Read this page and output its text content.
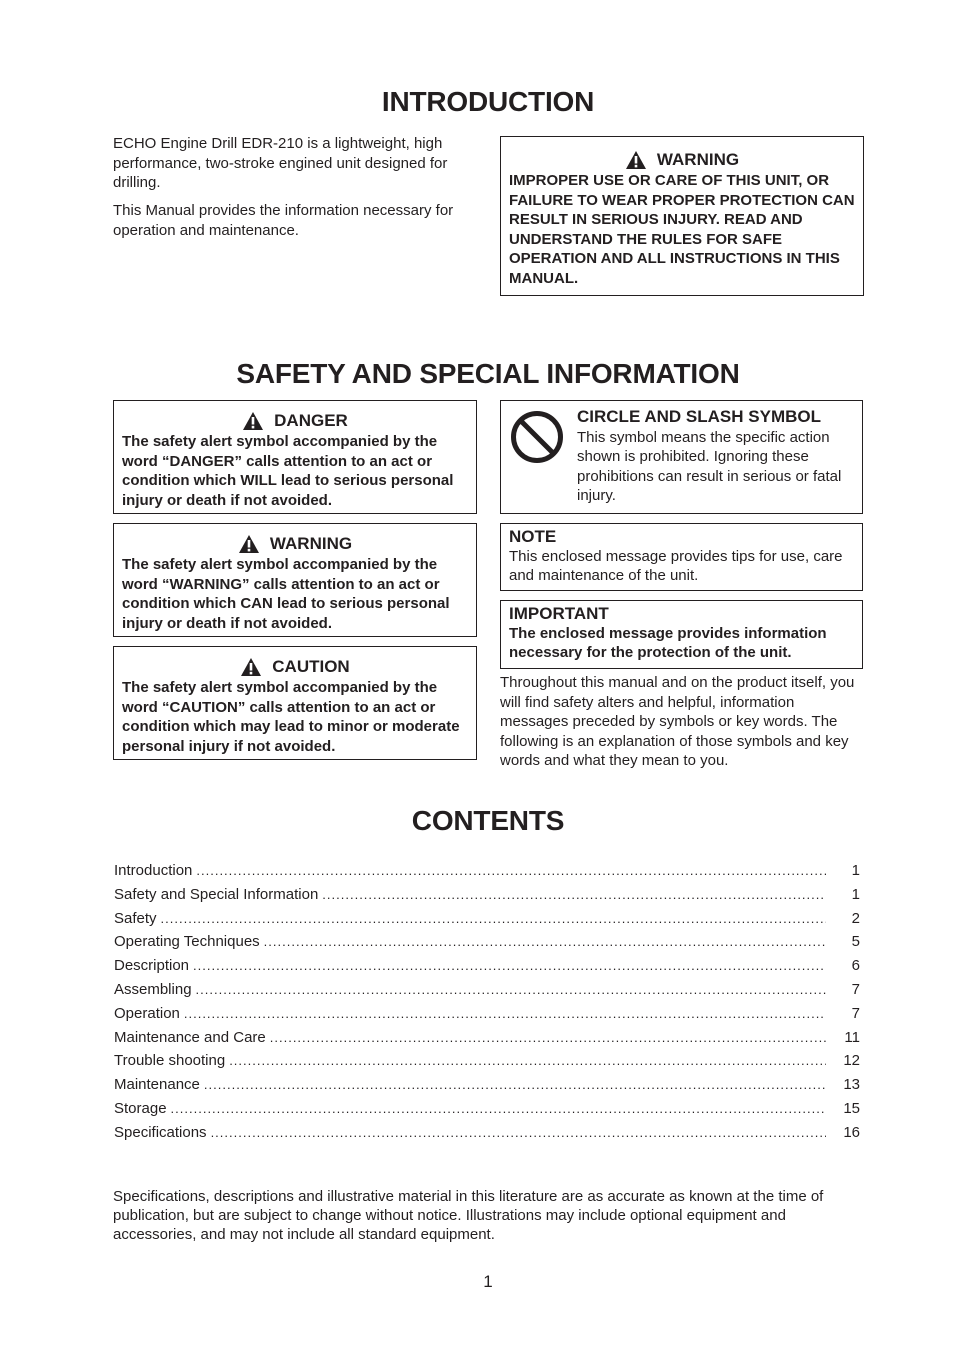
INTRODUCTION

ECHO Engine Drill EDR-210 is a lightweight, high performance, two-stroke engined unit designed for drilling.

This Manual provides the information necessary for operation and maintenance.

WARNING
IMPROPER USE OR CARE OF THIS UNIT, OR FAILURE TO WEAR PROPER PROTECTION CAN RESULT IN SERIOUS INJURY. READ AND UNDERSTAND THE RULES FOR SAFE OPERATION AND ALL INSTRUCTIONS IN THIS MANUAL.
SAFETY AND SPECIAL INFORMATION
DANGER
The safety alert symbol accompanied by the word “DANGER” calls attention to an act or condition which WILL lead to serious personal injury or death if not avoided.
WARNING
The safety alert symbol accompanied by the word “WARNING” calls attention to an act or condition which CAN lead to serious personal injury or death if not avoided.
CAUTION
The safety alert symbol accompanied by the word “CAUTION” calls attention to an act or condition which may lead to minor or moderate personal injury if not avoided.
CIRCLE AND SLASH SYMBOL
This symbol means the specific action shown is prohibited. Ignoring these prohibitions can result in serious or fatal injury.
NOTE
This enclosed message provides tips for use, care and maintenance of the unit.
IMPORTANT
The enclosed message provides information necessary for the protection of the unit.

Throughout this manual and on the product itself, you will find safety alters and helpful, information messages preceded by symbols or key words. The following is an explanation of those symbols and key words and what they mean to you.

CONTENTS
Introduction .....	1
Safety and Special Information .....	1
Safety .....	2
Operating Techniques .....	5
Description .....	6
Assembling .....	7
Operation .....	7
Maintenance and Care .....	11
Trouble shooting .....	12
Maintenance .....	13
Storage .....	15
Specifications .....	16

Specifications, descriptions and illustrative material in this literature are as accurate as known at the time of publication, but are subject to change without notice. Illustrations may include optional equipment and accessories, and may not include all standard equipment.

1
